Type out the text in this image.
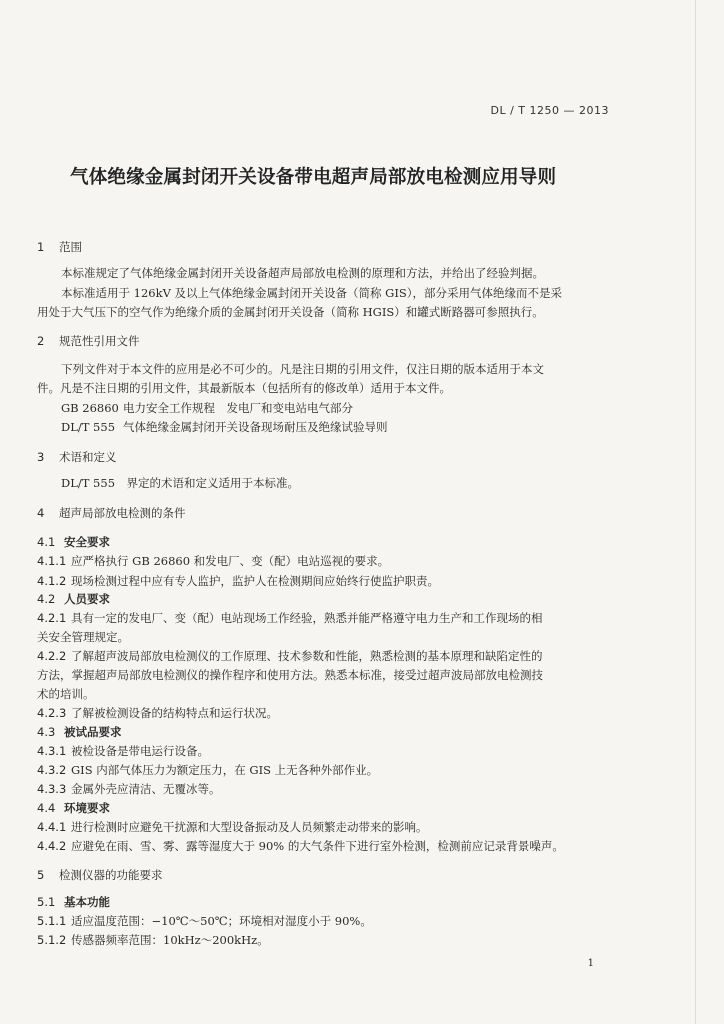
DL / T 1250 — 2013
气体绝缘金属封闭开关设备带电超声局部放电检测应用导则
1 范围
本标准规定了气体绝缘金属封闭开关设备超声局部放电检测的原理和方法，并给出了经验判据。
本标准适用于 126kV 及以上气体绝缘金属封闭开关设备（简称 GIS），部分采用气体绝缘而不是采
用处于大气压下的空气作为绝缘介质的金属封闭开关设备（简称 HGIS）和罐式断路器可参照执行。
2 规范性引用文件
下列文件对于本文件的应用是必不可少的。凡是注日期的引用文件，仅注日期的版本适用于本文
件。凡是不注日期的引用文件，其最新版本（包括所有的修改单）适用于本文件。
GB 26860 电力安全工作规程　发电厂和变电站电气部分
DL/T 555 气体绝缘金属封闭开关设备现场耐压及绝缘试验导则
3 术语和定义
DL/T 555　界定的术语和定义适用于本标准。
4 超声局部放电检测的条件
4.1 安全要求
4.1.1 应严格执行 GB 26860 和发电厂、变（配）电站巡视的要求。
4.1.2 现场检测过程中应有专人监护，监护人在检测期间应始终行使监护职责。
4.2 人员要求
4.2.1 具有一定的发电厂、变（配）电站现场工作经验，熟悉并能严格遵守电力生产和工作现场的相
关安全管理规定。
4.2.2 了解超声波局部放电检测仪的工作原理、技术参数和性能，熟悉检测的基本原理和缺陷定性的
方法，掌握超声局部放电检测仪的操作程序和使用方法。熟悉本标准，接受过超声波局部放电检测技
术的培训。
4.2.3 了解被检测设备的结构特点和运行状况。
4.3 被试品要求
4.3.1 被检设备是带电运行设备。
4.3.2 GIS 内部气体压力为额定压力，在 GIS 上无各种外部作业。
4.3.3 金属外壳应清洁、无覆冰等。
4.4 环境要求
4.4.1 进行检测时应避免干扰源和大型设备振动及人员频繁走动带来的影响。
4.4.2 应避免在雨、雪、雾、露等湿度大于 90% 的大气条件下进行室外检测，检测前应记录背景噪声。
5 检测仪器的功能要求
5.1 基本功能
5.1.1 适应温度范围：−10℃～50℃；环境相对湿度小于 90%。
5.1.2 传感器频率范围：10kHz～200kHz。
1
